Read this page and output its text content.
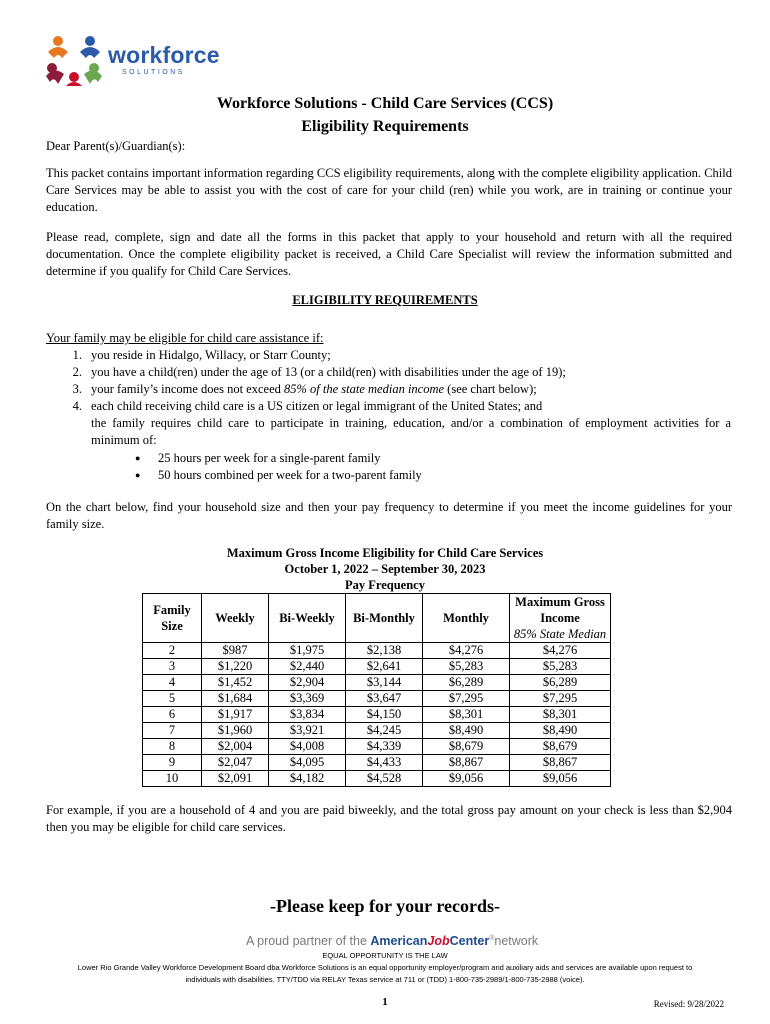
workforce
SOLUTIONS
Workforce Solutions - Child Care Services (CCS)
Eligibility Requirements
Dear Parent(s)/Guardian(s):
This packet contains important information regarding CCS eligibility requirements, along with the complete eligibility application. Child Care Services may be able to assist you with the cost of care for your child (ren) while you work, are in training or continue your education.
Please read, complete, sign and date all the forms in this packet that apply to your household and return with all the required documentation. Once the complete eligibility packet is received, a Child Care Specialist will review the information submitted and determine if you qualify for Child Care Services.
ELIGIBILITY REQUIREMENTS
Your family may be eligible for child care assistance if:
1. you reside in Hidalgo, Willacy, or Starr County;
2. you have a child(ren) under the age of 13 (or a child(ren) with disabilities under the age of 19);
3. your family’s income does not exceed 85% of the state median income (see chart below);
4. each child receiving child care is a US citizen or legal immigrant of the United States; and
the family requires child care to participate in training, education, and/or a combination of employment activities for a minimum of:
● 25 hours per week for a single-parent family
● 50 hours combined per week for a two-parent family
On the chart below, find your household size and then your pay frequency to determine if you meet the income guidelines for your family size.
Maximum Gross Income Eligibility for Child Care Services
October 1, 2022 – September 30, 2023
Pay Frequency
Family Size	Weekly	Bi-Weekly	Bi-Monthly	Monthly	Maximum Gross Income
85% State Median
2	$987	$1,975	$2,138	$4,276	$4,276
3	$1,220	$2,440	$2,641	$5,283	$5,283
4	$1,452	$2,904	$3,144	$6,289	$6,289
5	$1,684	$3,369	$3,647	$7,295	$7,295
6	$1,917	$3,834	$4,150	$8,301	$8,301
7	$1,960	$3,921	$4,245	$8,490	$8,490
8	$2,004	$4,008	$4,339	$8,679	$8,679
9	$2,047	$4,095	$4,433	$8,867	$8,867
10	$2,091	$4,182	$4,528	$9,056	$9,056
For example, if you are a household of 4 and you are paid biweekly, and the total gross pay amount on your check is less than $2,904 then you may be eligible for child care services.
-Please keep for your records-
A proud partner of the AmericanJobCenter®network
EQUAL OPPORTUNITY IS THE LAW
Lower Rio Grande Valley Workforce Development Board dba Workforce Solutions is an equal opportunity employer/program and auxiliary aids and services are available upon request to
individuals with disabilities. TTY/TDD via RELAY Texas service at 711 or (TDD) 1-800-735-2989/1-800-735-2988 (voice).
1	Revised: 9/28/2022
